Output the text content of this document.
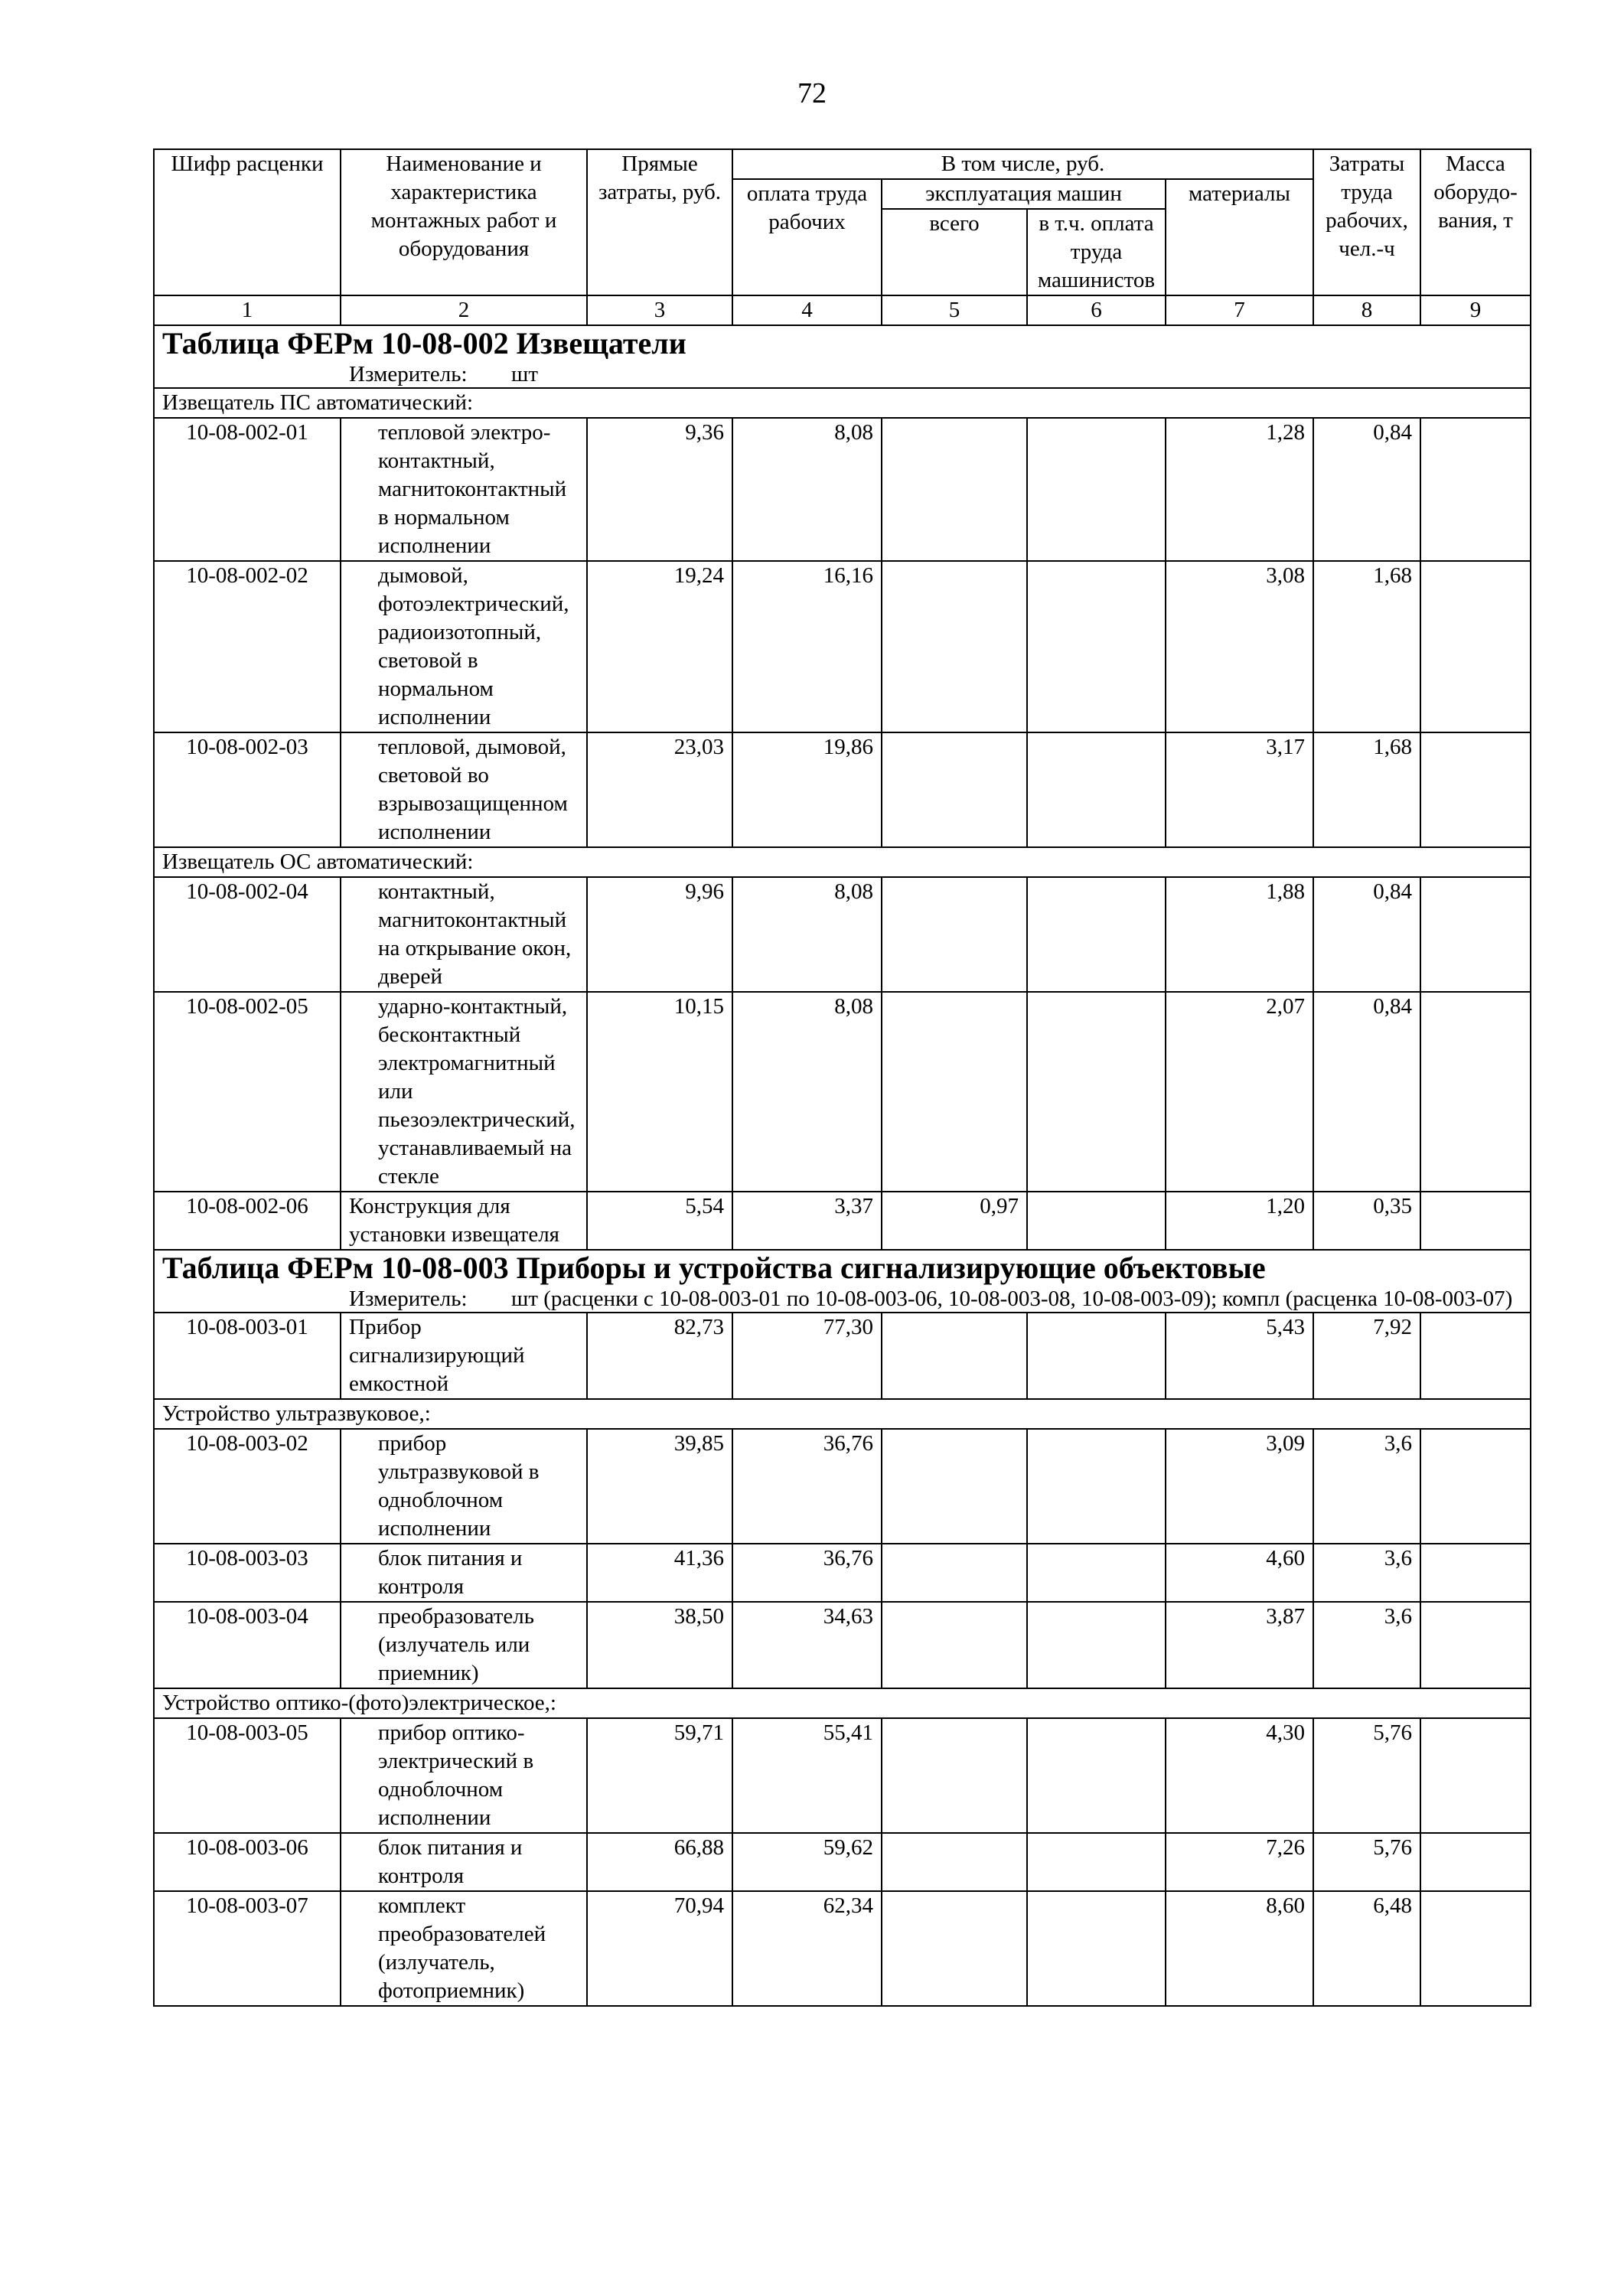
72
Шифр расценки	Наименование и характеристика монтажных работ и оборудования	Прямые затраты, руб.	В том числе, руб.				Затраты труда рабочих, чел.-ч	Масса оборудо-вания, т
			оплата труда рабочих	эксплуатация машин		материалы		
				всего	в т.ч. оплата труда машинистов			
1	2	3	4	5	6	7	8	9

Таблица ФЕРм 10-08-002 Извещатели
Измеритель: шт								

Извещатель ПС автоматический:								
10-08-002-01	тепловой электро-контактный, магнитоконтактный в нормальном исполнении	9,36	8,08			1,28	0,84	
10-08-002-02	дымовой, фотоэлектрический, радиоизотопный, световой в нормальном исполнении	19,24	16,16			3,08	1,68	
10-08-002-03	тепловой, дымовой, световой во взрывозащищенном исполнении	23,03	19,86			3,17	1,68	
Извещатель ОС автоматический:								
10-08-002-04	контактный, магнитоконтактный на открывание окон, дверей	9,96	8,08			1,88	0,84	
10-08-002-05	ударно-контактный, бесконтактный электромагнитный или пьезоэлектрический, устанавливаемый на стекле	10,15	8,08			2,07	0,84	
10-08-002-06	Конструкция для установки извещателя	5,54	3,37	0,97		1,20	0,35	

Таблица ФЕРм 10-08-003 Приборы и устройства сигнализирующие объектовые
Измеритель: шт (расценки с 10-08-003-01 по 10-08-003-06, 10-08-003-08, 10-08-003-09); компл (расценка 10-08-003-07)								

10-08-003-01	Прибор сигнализирующий емкостной	82,73	77,30			5,43	7,92	
Устройство ультразвуковое,:								
10-08-003-02	прибор ультразвуковой в одноблочном исполнении	39,85	36,76			3,09	3,6	
10-08-003-03	блок питания и контроля	41,36	36,76			4,60	3,6	
10-08-003-04	преобразователь (излучатель или приемник)	38,50	34,63			3,87	3,6	
Устройство оптико-(фото)электрическое,:								
10-08-003-05	прибор оптико-электрический в одноблочном исполнении	59,71	55,41			4,30	5,76	
10-08-003-06	блок питания и контроля	66,88	59,62			7,26	5,76	
10-08-003-07	комплект преобразователей (излучатель, фотоприемник)	70,94	62,34			8,60	6,48	
